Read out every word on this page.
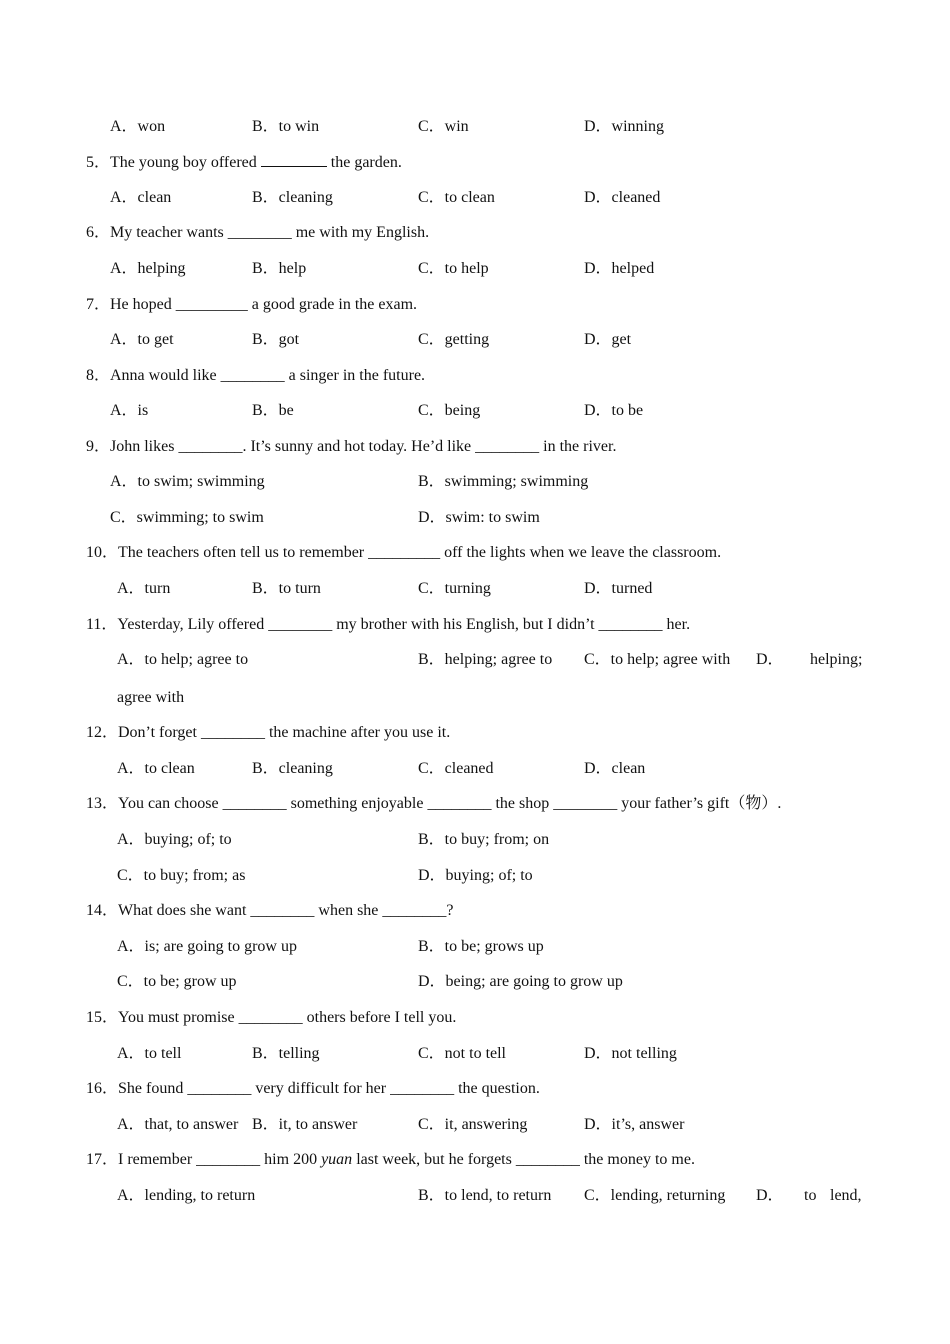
A．won	B．to win	C．win	D．winning
5．The young boy offered	the garden.
A．clean	B．cleaning	C．to clean	D．cleaned
6．My teacher wants ________ me with my English.
A．helping	B．help	C．to help	D．helped
7．He hoped _________ a good grade in the exam.
A．to get	B．got	C．getting	D．get
8．Anna would like ________ a singer in the future.
A．is	B．be	C．being	D．to be
9．John likes ________. It’s sunny and hot today. He’d like ________ in the river.
A．to swim; swimming	B．swimming; swimming
C．swimming; to swim	D．swim: to swim
10．The teachers often tell us to remember _________ off the lights when we leave the classroom.
A．turn	B．to turn	C．turning	D．turned
11．Yesterday, Lily offered ________ my brother with his English, but I didn’t ________ her.
A．to help; agree to	B．helping; agree to C．to help; agree with D． helping;
agree with
12．Don’t forget ________ the machine after you use it.
A．to clean	B．cleaning	C．cleaned	D．clean
13．You can choose ________ something enjoyable ________ the shop ________ your father’s gift（物）.
A．buying; of; to	B．to buy; from; on
C．to buy; from; as	D．buying; of; to
14．What does she want ________ when she ________?
A．is; are going to grow up	B．to be; grows up
C．to be; grow up	D．being; are going to grow up
15．You must promise ________ others before I tell you.
A．to tell	B．telling	C．not to tell	D．not telling
16．She found ________ very difficult for her ________ the question.
A．that, to answer B．it, to answer	C．it, answering	D．it’s, answer
17．I remember ________ him 200 yuan last week, but he forgets ________ the money to me.
A．lending, to return	B．to lend, to return C．lending, returning D． to lend,
